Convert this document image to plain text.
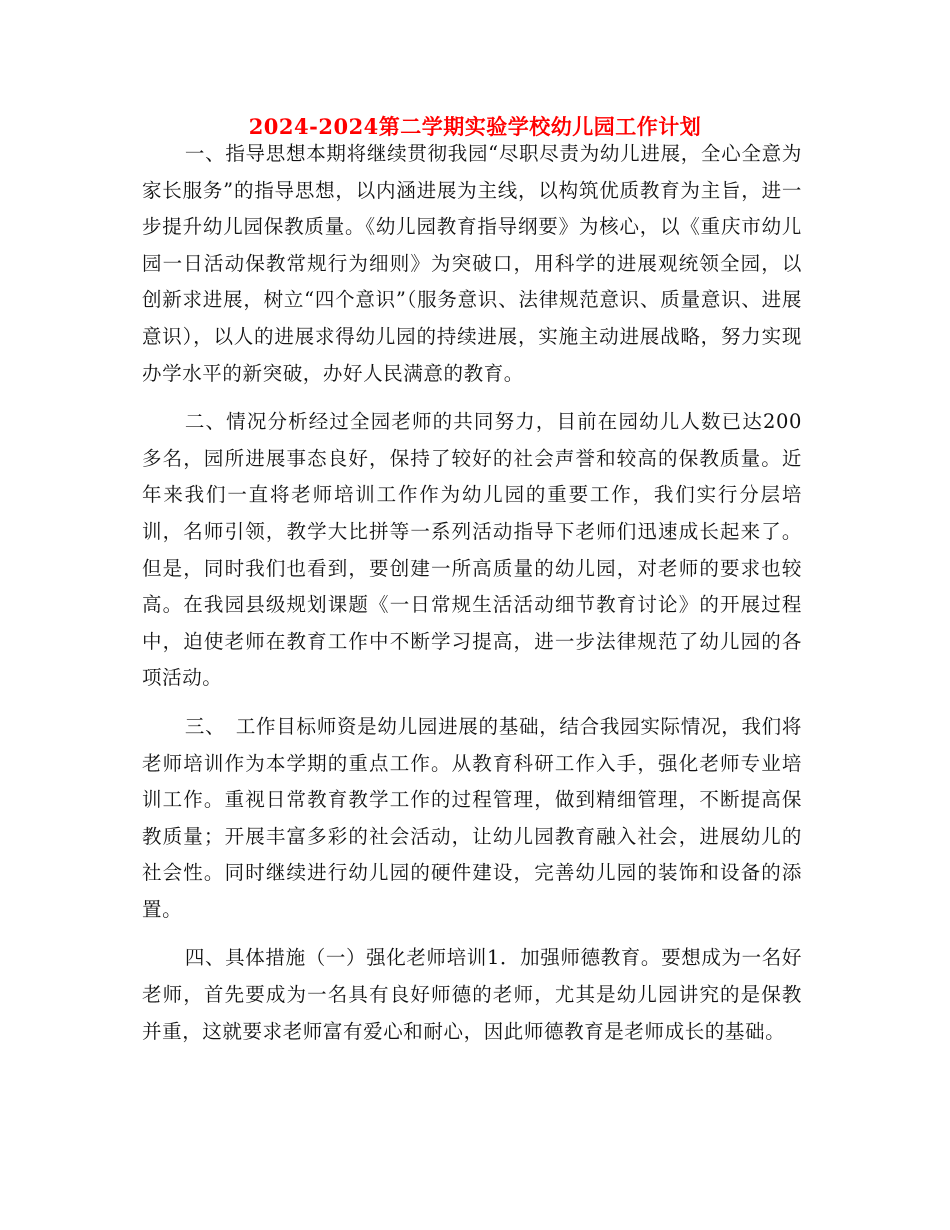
2024-2024第二学期实验学校幼儿园工作计划

一、指导思想本期将继续贯彻我园“尽职尽责为幼儿进展，全心全意为家长服务”的指导思想，以内涵进展为主线，以构筑优质教育为主旨，进一步提升幼儿园保教质量。《幼儿园教育指导纲要》为核心，以《重庆市幼儿园一日活动保教常规行为细则》为突破口，用科学的进展观统领全园，以创新求进展，树立“四个意识”（服务意识、法律规范意识、质量意识、进展意识），以人的进展求得幼儿园的持续进展，实施主动进展战略，努力实现办学水平的新突破，办好人民满意的教育。

二、情况分析经过全园老师的共同努力，目前在园幼儿人数已达200多名，园所进展事态良好，保持了较好的社会声誉和较高的保教质量。近年来我们一直将老师培训工作作为幼儿园的重要工作，我们实行分层培训，名师引领，教学大比拼等一系列活动指导下老师们迅速成长起来了。但是，同时我们也看到，要创建一所高质量的幼儿园，对老师的要求也较高。在我园县级规划课题《一日常规生活活动细节教育讨论》的开展过程中，迫使老师在教育工作中不断学习提高，进一步法律规范了幼儿园的各项活动。

三、　工作目标师资是幼儿园进展的基础，结合我园实际情况，我们将老师培训作为本学期的重点工作。从教育科研工作入手，强化老师专业培训工作。重视日常教育教学工作的过程管理，做到精细管理，不断提高保教质量；开展丰富多彩的社会活动，让幼儿园教育融入社会，进展幼儿的社会性。同时继续进行幼儿园的硬件建设，完善幼儿园的装饰和设备的添置。

四、具体措施（一）强化老师培训1．加强师德教育。要想成为一名好老师，首先要成为一名具有良好师德的老师，尤其是幼儿园讲究的是保教并重，这就要求老师富有爱心和耐心，因此师德教育是老师成长的基础。
